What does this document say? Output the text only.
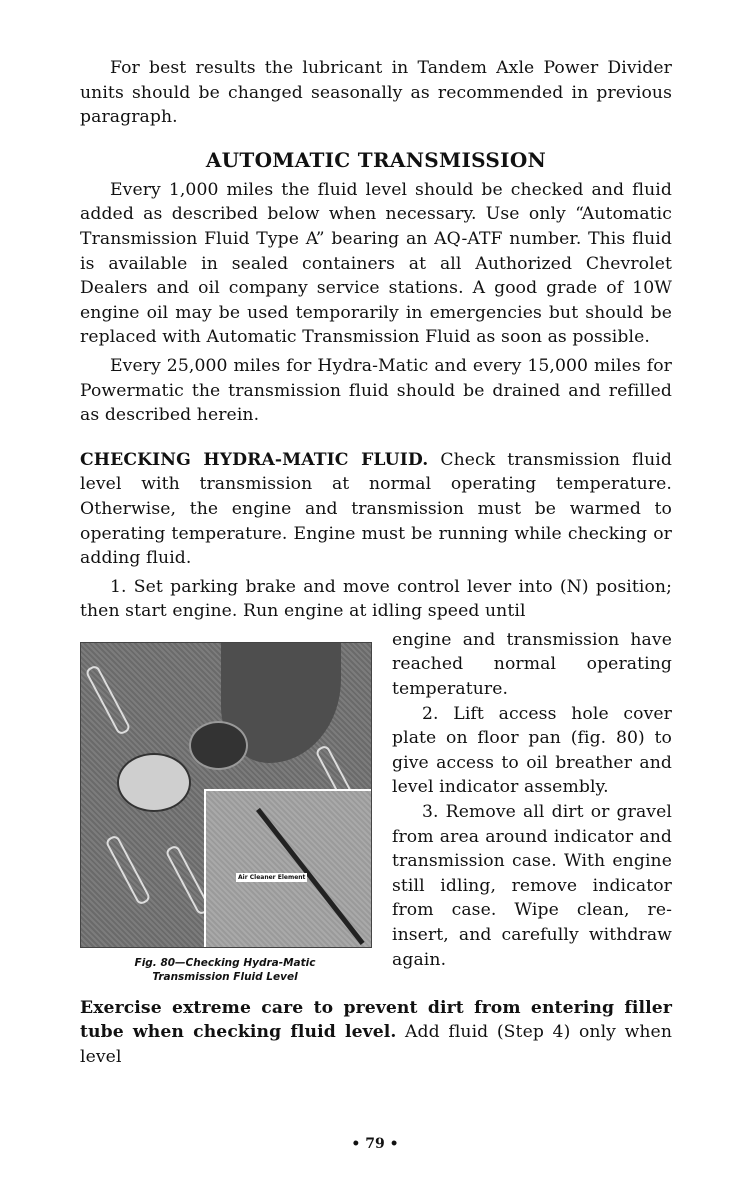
For best results the lubricant in Tandem Axle Power Divider units should be changed seasonally as recommended in previous paragraph.

AUTOMATIC TRANSMISSION

Every 1,000 miles the fluid level should be checked and fluid added as described below when necessary. Use only “Automatic Transmission Fluid Type A” bearing an AQ-ATF number. This fluid is available in sealed containers at all Authorized Chevrolet Dealers and oil company service stations. A good grade of 10W engine oil may be used temporarily in emergencies but should be replaced with Automatic Transmission Fluid as soon as possible.

Every 25,000 miles for Hydra-Matic and every 15,000 miles for Powermatic the transmission fluid should be drained and refilled as described herein.

CHECKING HYDRA-MATIC FLUID. Check transmission fluid level with transmission at normal operating temperature. Otherwise, the engine and transmission must be warmed to operating temperature. Engine must be running while checking or adding fluid.

1. Set parking brake and move control lever into (N) position; then start engine. Run engine at idling speed until

Air Cleaner Element
Fig. 80—Checking Hydra-Matic
Transmission Fluid Level

engine and transmission have reached normal operating temperature.

2. Lift access hole cover plate on floor pan (fig. 80) to give access to oil breather and level indicator assembly.

3. Remove all dirt or gravel from area around indicator and transmission case. With engine still idling, remove indicator from case. Wipe clean, re-insert, and carefully withdraw again.

Exercise extreme care to prevent dirt from entering filler tube when checking fluid level. Add fluid (Step 4) only when level

• 79 •
